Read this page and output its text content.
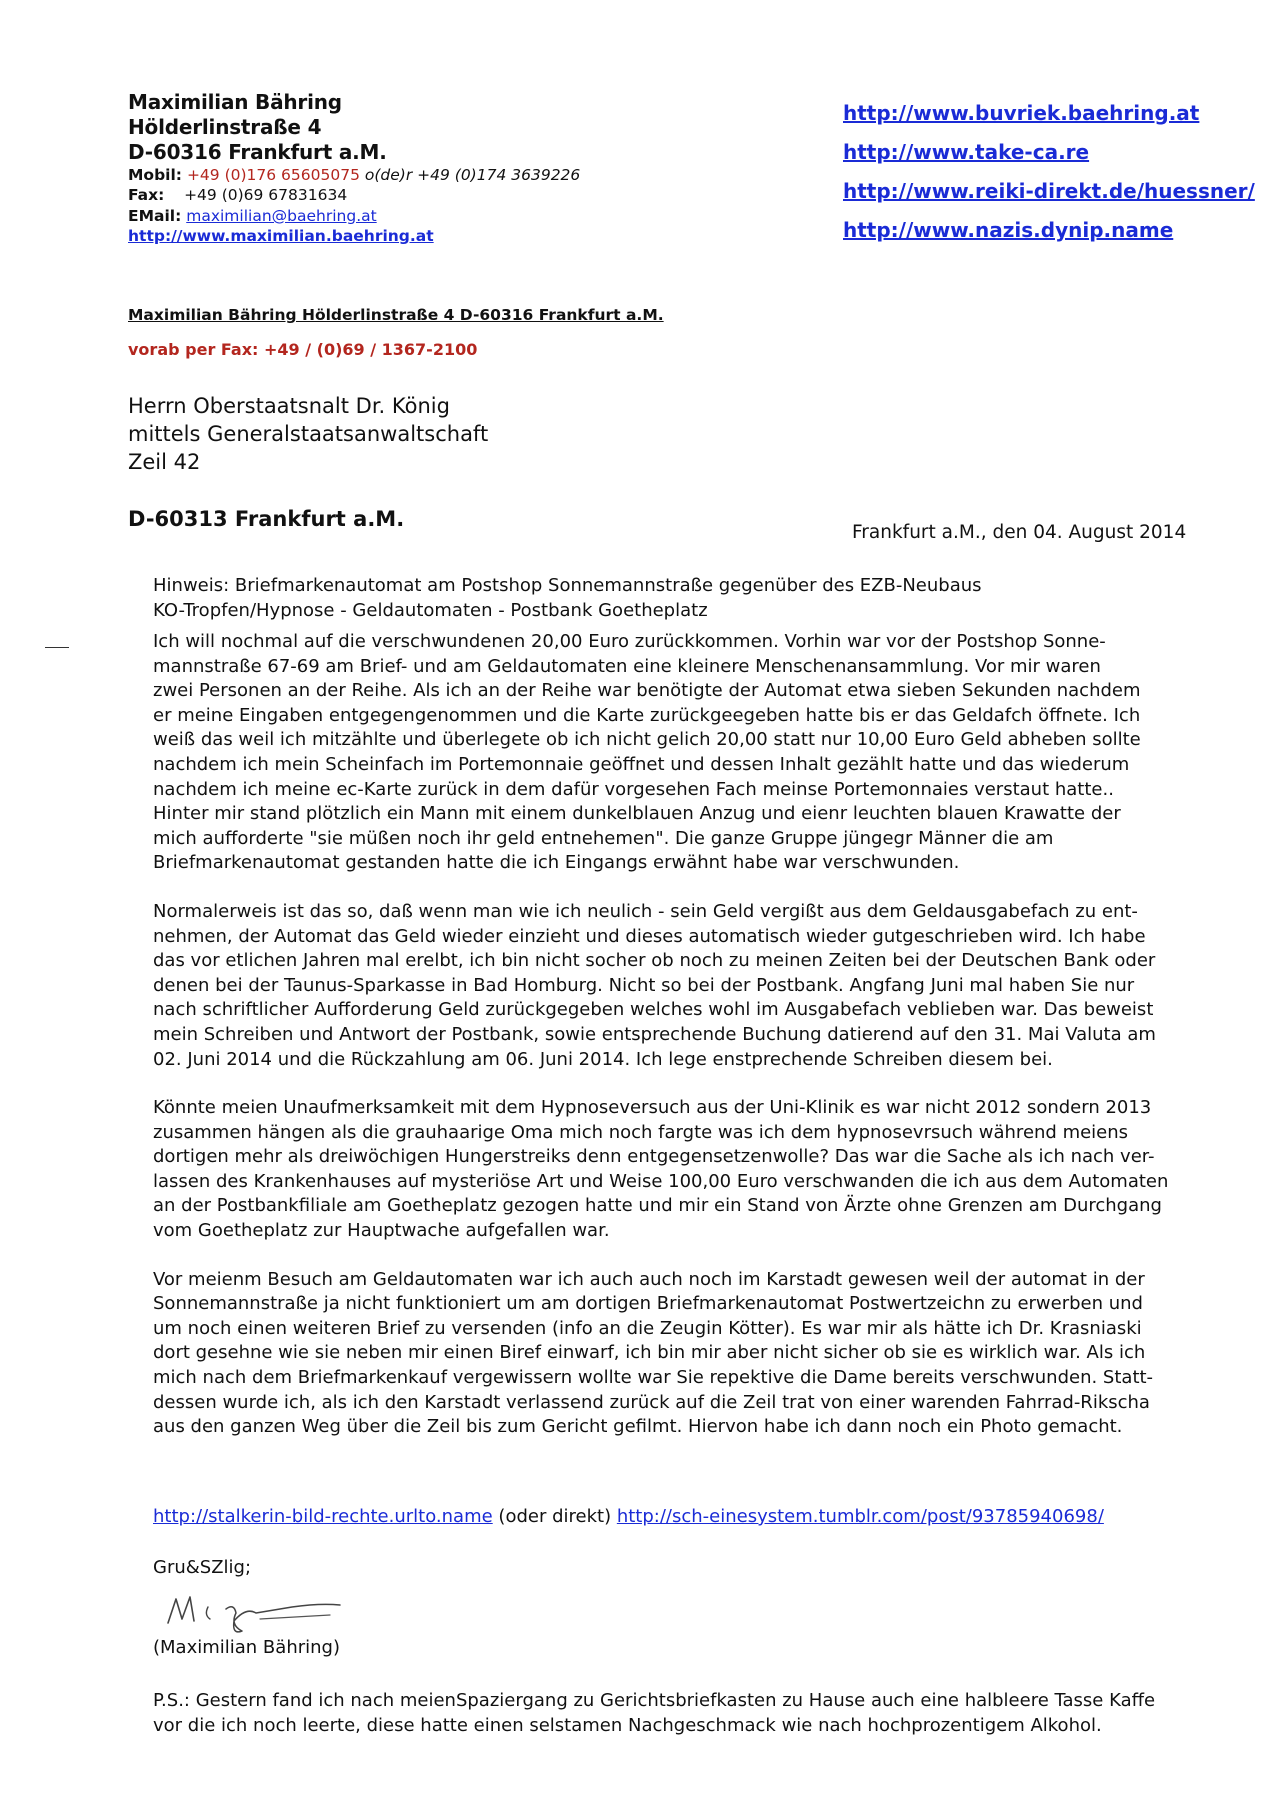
Maximilian Bähring
Hölderlinstraße 4
D-60316 Frankfurt a.M.
Mobil: +49 (0)176 65605075 o(de)r +49 (0)174 3639226
Fax: +49 (0)69 67831634
EMail: maximilian@baehring.at
http://www.maximilian.baehring.at
http://www.buvriek.baehring.at
http://www.take-ca.re
http://www.reiki-direkt.de/huessner/
http://www.nazis.dynip.name
Maximilian Bähring Hölderlinstraße 4 D-60316 Frankfurt a.M.
vorab per Fax: +49 / (0)69 / 1367-2100
Herrn Oberstaatsnalt Dr. König
mittels Generalstaatsanwaltschaft
Zeil 42
D-60313 Frankfurt a.M.
Frankfurt a.M., den 04. August 2014
Hinweis: Briefmarkenautomat am Postshop Sonnemannstraße gegenüber des EZB-Neubaus
KO-Tropfen/Hypnose - Geldautomaten - Postbank Goetheplatz

Ich will nochmal auf die verschwundenen 20,00 Euro zurückkommen. Vorhin war vor der Postshop Sonne-
mannstraße 67-69 am Brief- und am Geldautomaten eine kleinere Menschenansammlung. Vor mir waren
zwei Personen an der Reihe. Als ich an der Reihe war benötigte der Automat etwa sieben Sekunden nachdem
er meine Eingaben entgegengenommen und die Karte zurückgeegeben hatte bis er das Geldafch öffnete. Ich
weiß das weil ich mitzählte und überlegete ob ich nicht gelich 20,00 statt nur 10,00 Euro Geld abheben sollte
nachdem ich mein Scheinfach im Portemonnaie geöffnet und dessen Inhalt gezählt hatte und das wiederum
nachdem ich meine ec-Karte zurück in dem dafür vorgesehen Fach meinse Portemonnaies verstaut hatte..
Hinter mir stand plötzlich ein Mann mit einem dunkelblauen Anzug und eienr leuchten blauen Krawatte der
mich aufforderte "sie müßen noch ihr geld entnehemen". Die ganze Gruppe jüngegr Männer die am
Briefmarkenautomat gestanden hatte die ich Eingangs erwähnt habe war verschwunden.

Normalerweis ist das so, daß wenn man wie ich neulich - sein Geld vergißt aus dem Geldausgabefach zu ent-
nehmen, der Automat das Geld wieder einzieht und dieses automatisch wieder gutgeschrieben wird. Ich habe
das vor etlichen Jahren mal erelbt, ich bin nicht socher ob noch zu meinen Zeiten bei der Deutschen Bank oder
denen bei der Taunus-Sparkasse in Bad Homburg. Nicht so bei der Postbank. Angfang Juni mal haben Sie nur
nach schriftlicher Aufforderung Geld zurückgegeben welches wohl im Ausgabefach veblieben war. Das beweist
mein Schreiben und Antwort der Postbank, sowie entsprechende Buchung datierend auf den 31. Mai Valuta am
02. Juni 2014 und die Rückzahlung am 06. Juni 2014. Ich lege enstprechende Schreiben diesem bei.

Könnte meien Unaufmerksamkeit mit dem Hypnoseversuch aus der Uni-Klinik es war nicht 2012 sondern 2013
zusammen hängen als die grauhaarige Oma mich noch fargte was ich dem hypnosevrsuch während meiens
dortigen mehr als dreiwöchigen Hungerstreiks denn entgegensetzenwolle? Das war die Sache als ich nach ver-
lassen des Krankenhauses auf mysteriöse Art und Weise 100,00 Euro verschwanden die ich aus dem Automaten
an der Postbankfiliale am Goetheplatz gezogen hatte und mir ein Stand von Ärzte ohne Grenzen am Durchgang
vom Goetheplatz zur Hauptwache aufgefallen war.

Vor meienm Besuch am Geldautomaten war ich auch auch noch im Karstadt gewesen weil der automat in der
Sonnemannstraße ja nicht funktioniert um am dortigen Briefmarkenautomat Postwertzeichn zu erwerben und
um noch einen weiteren Brief zu versenden (info an die Zeugin Kötter). Es war mir als hätte ich Dr. Krasniaski
dort gesehne wie sie neben mir einen Biref einwarf, ich bin mir aber nicht sicher ob sie es wirklich war. Als ich
mich nach dem Briefmarkenkauf vergewissern wollte war Sie repektive die Dame bereits verschwunden. Statt-
dessen wurde ich, als ich den Karstadt verlassend zurück auf die Zeil trat von einer warenden Fahrrad-Rikscha
aus den ganzen Weg über die Zeil bis zum Gericht gefilmt. Hiervon habe ich dann noch ein Photo gemacht.

http://stalkerin-bild-rechte.urlto.name (oder direkt) http://sch-einesystem.tumblr.com/post/93785940698/
Gru&SZlig;
(Maximilian Bähring)
P.S.: Gestern fand ich nach meienSpaziergang zu Gerichtsbriefkasten zu Hause auch eine halbleere Tasse Kaffe
vor die ich noch leerte, diese hatte einen selstamen Nachgeschmack wie nach hochprozentigem Alkohol.
